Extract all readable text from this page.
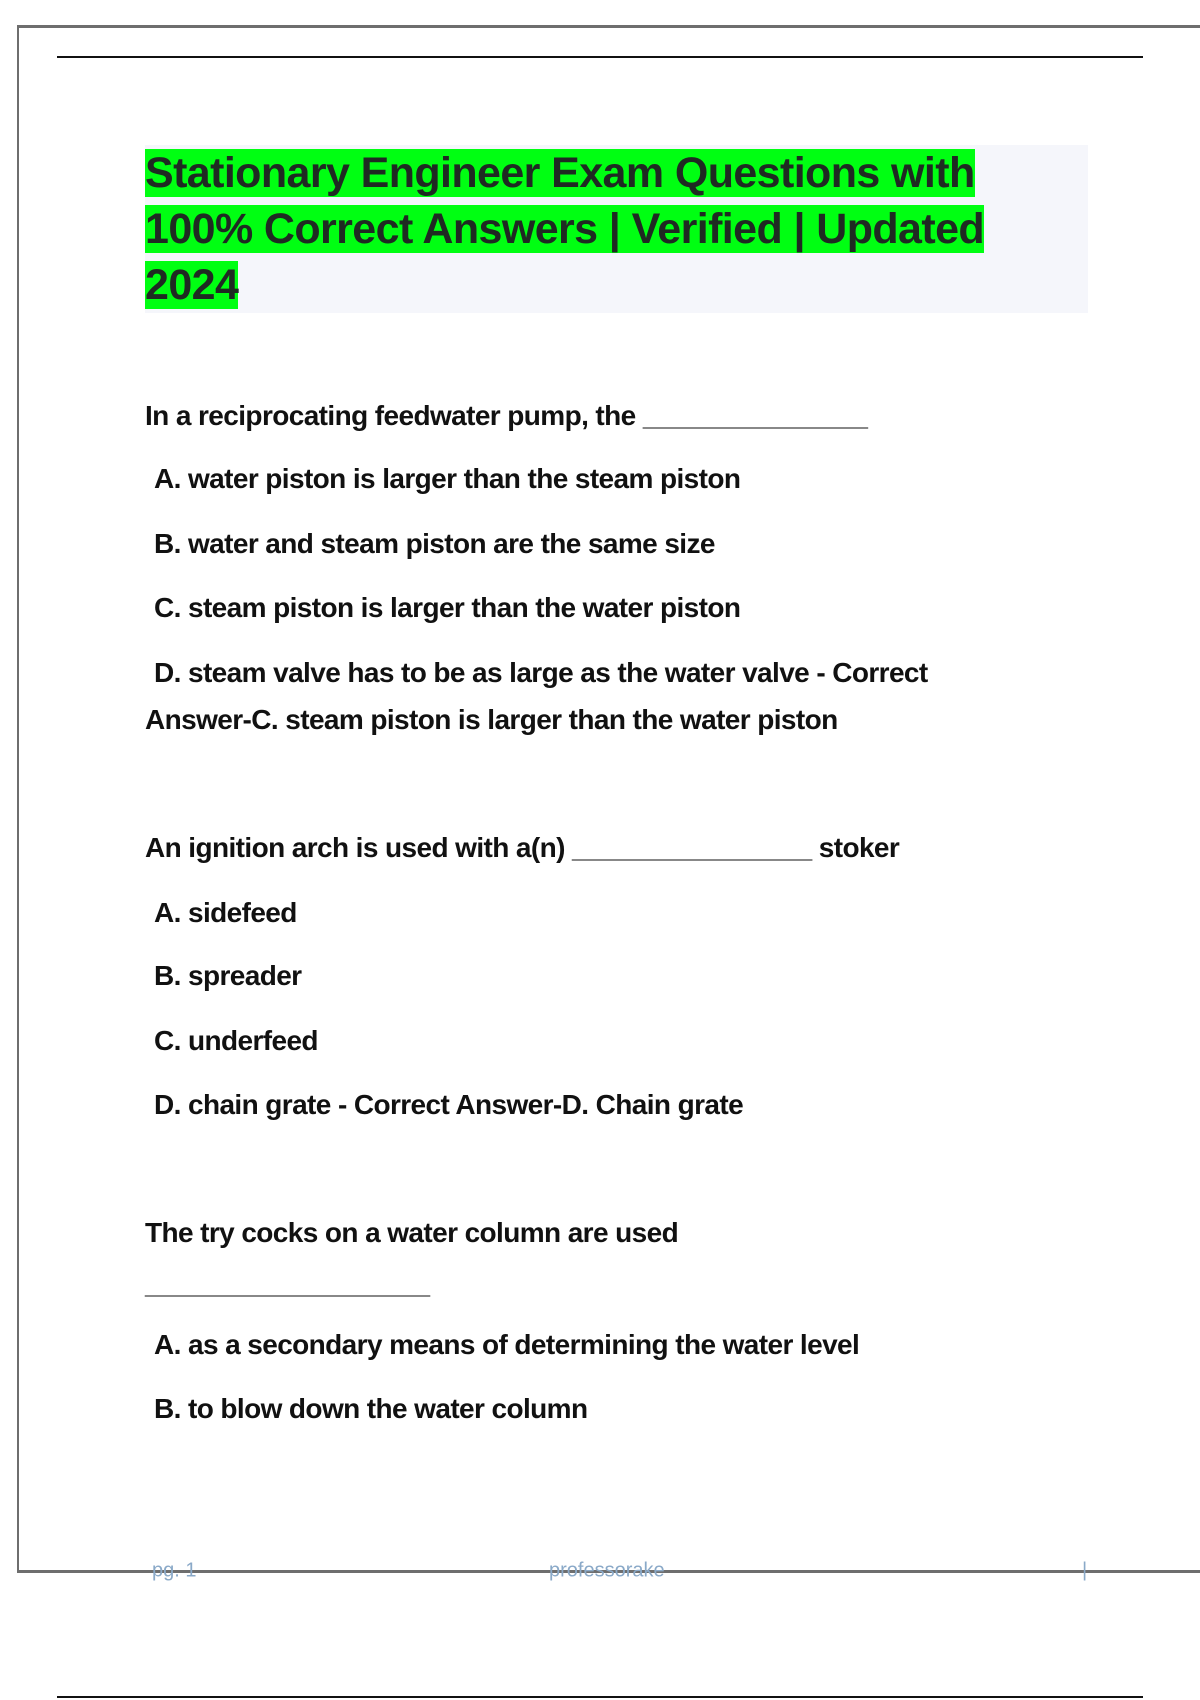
Stationary Engineer Exam Questions with 100% Correct Answers | Verified | Updated 2024
In a reciprocating feedwater pump, the _______________
A. water piston is larger than the steam piston
B. water and steam piston are the same size
C. steam piston is larger than the water piston
D. steam valve has to be as large as the water valve - Correct
Answer-C. steam piston is larger than the water piston
An ignition arch is used with a(n) ________________ stoker
A. sidefeed
B. spreader
C. underfeed
D. chain grate - Correct Answer-D. Chain grate
The try cocks on a water column are used
___________________
A. as a secondary means of determining the water level
B. to blow down the water column
pg. 1	professorake	|
